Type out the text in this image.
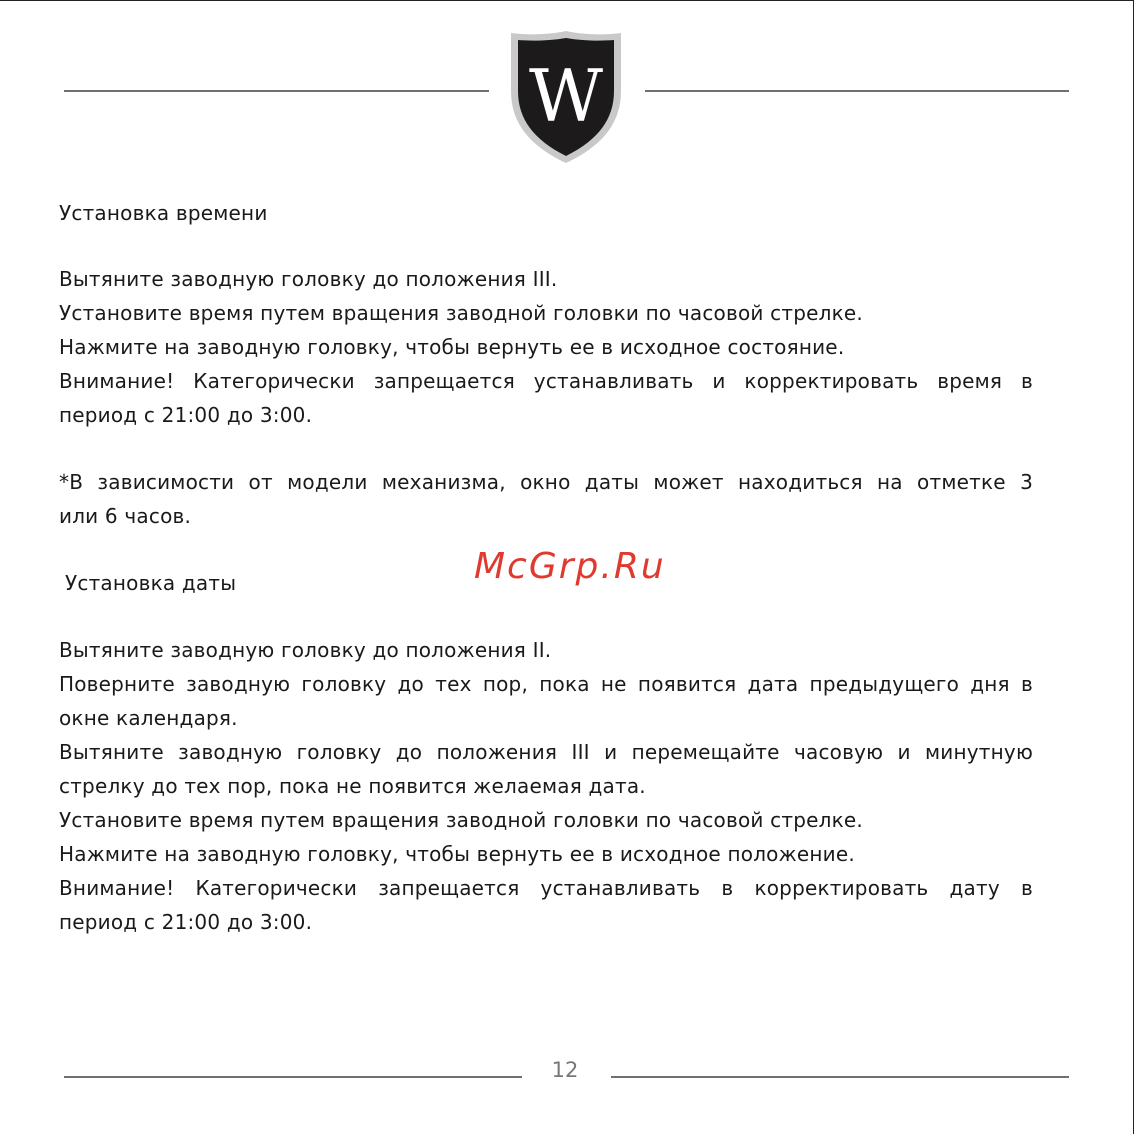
W
Установка времени
Вытяните заводную головку до положения III.
Установите время путем вращения заводной головки по часовой стрелке.
Нажмите на заводную головку, чтобы вернуть ее в исходное состояние.
Внимание! Категорически запрещается устанавливать и корректировать время в
период с 21:00 до 3:00.
*В зависимости от модели механизма, окно даты может находиться на отметке 3
или 6 часов.
McGrp.Ru
Установка даты
Вытяните заводную головку до положения II.
Поверните заводную головку до тех пор, пока не появится дата предыдущего дня в
окне календаря.
Вытяните заводную головку до положения III и перемещайте часовую и минутную
стрелку до тех пор, пока не появится желаемая дата.
Установите время путем вращения заводной головки по часовой стрелке.
Нажмите на заводную головку, чтобы вернуть ее в исходное положение.
Внимание! Категорически запрещается устанавливать в корректировать дату в
период с 21:00 до 3:00.
12
